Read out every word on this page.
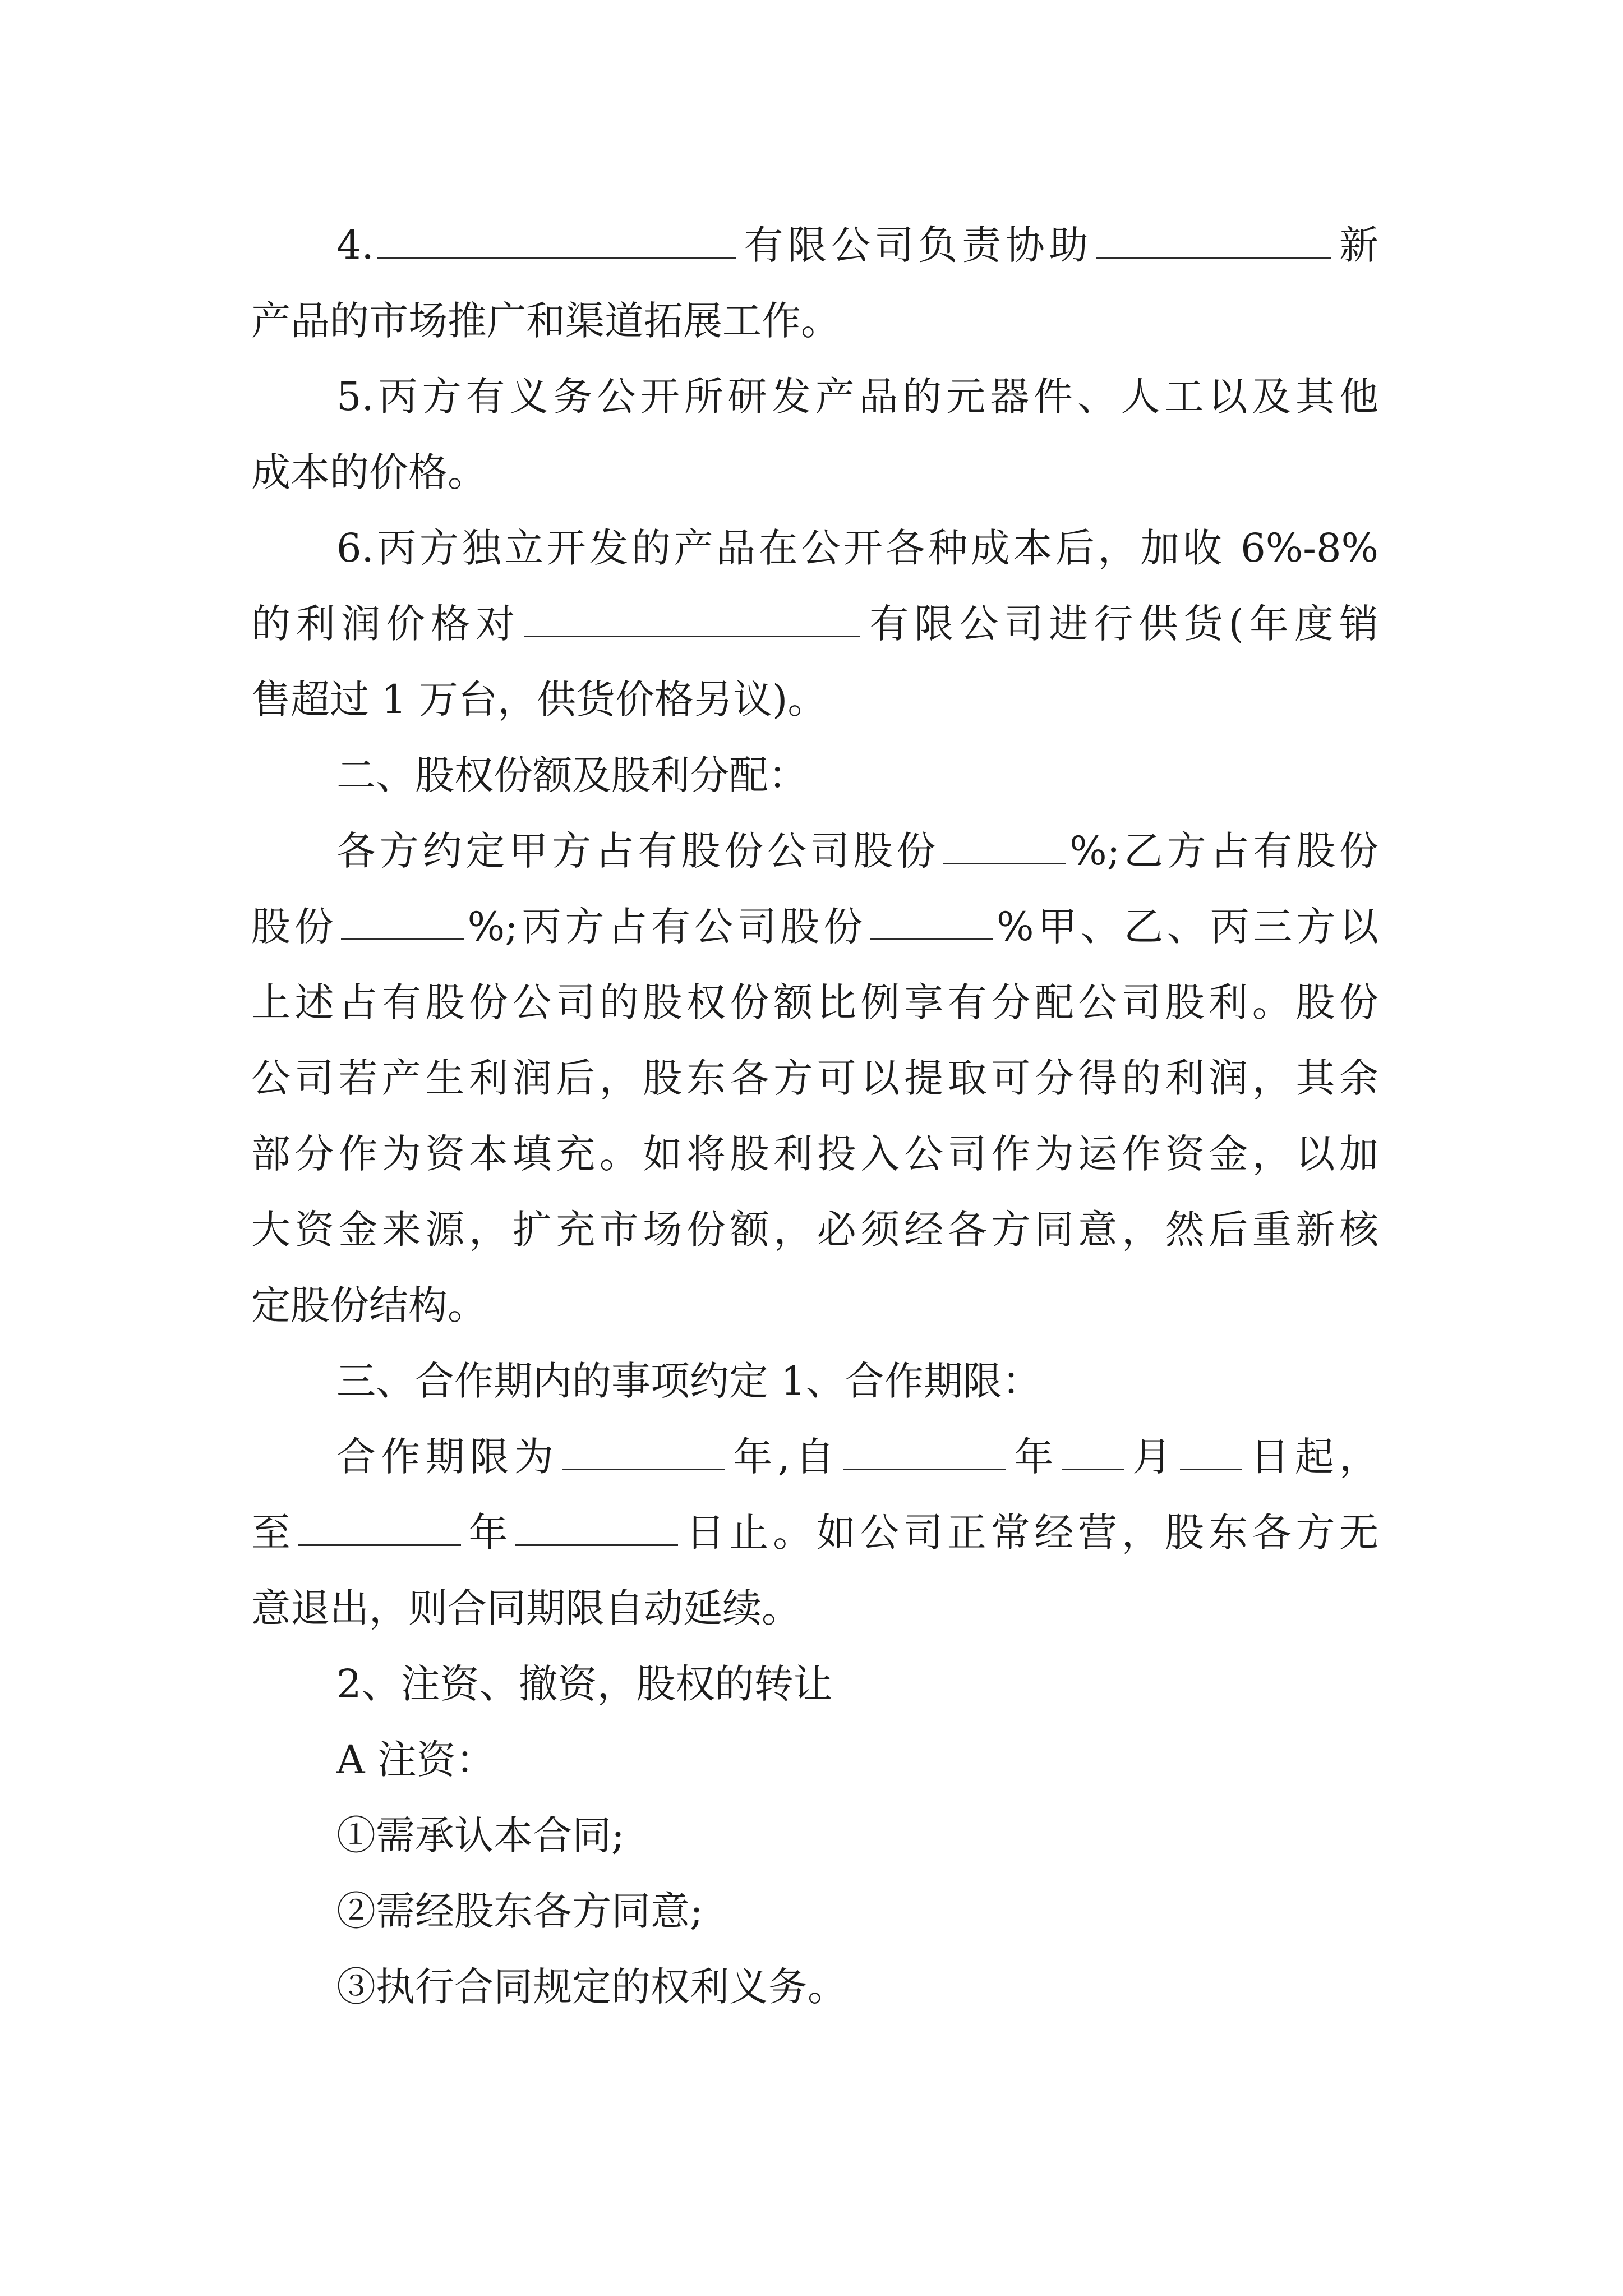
4.	有限公司负责协助	新
产品的市场推广和渠道拓展工作。
5.丙方有义务公开所研发产品的元器件、人工以及其他
成本的价格。
6.丙方独立开发的产品在公开各种成本后，加收 6%-8%
的利润价格对	有限公司进行供货(年度销
售超过 1 万台，供货价格另议)。
二、股权份额及股利分配：
各方约定甲方占有股份公司股份	%;乙方占有股份
股份	%;丙方占有公司股份	%甲、乙、丙三方以
上述占有股份公司的股权份额比例享有分配公司股利。股份
公司若产生利润后，股东各方可以提取可分得的利润，其余
部分作为资本填充。如将股利投入公司作为运作资金，以加
大资金来源，扩充市场份额，必须经各方同意，然后重新核
定股份结构。
三、合作期内的事项约定 1、合作期限：
合作期限为	年,自	年 月 日起，
至	年	日止。如公司正常经营，股东各方无
意退出，则合同期限自动延续。
2、注资、撤资，股权的转让
A 注资：
①需承认本合同;
②需经股东各方同意;
③执行合同规定的权利义务。
